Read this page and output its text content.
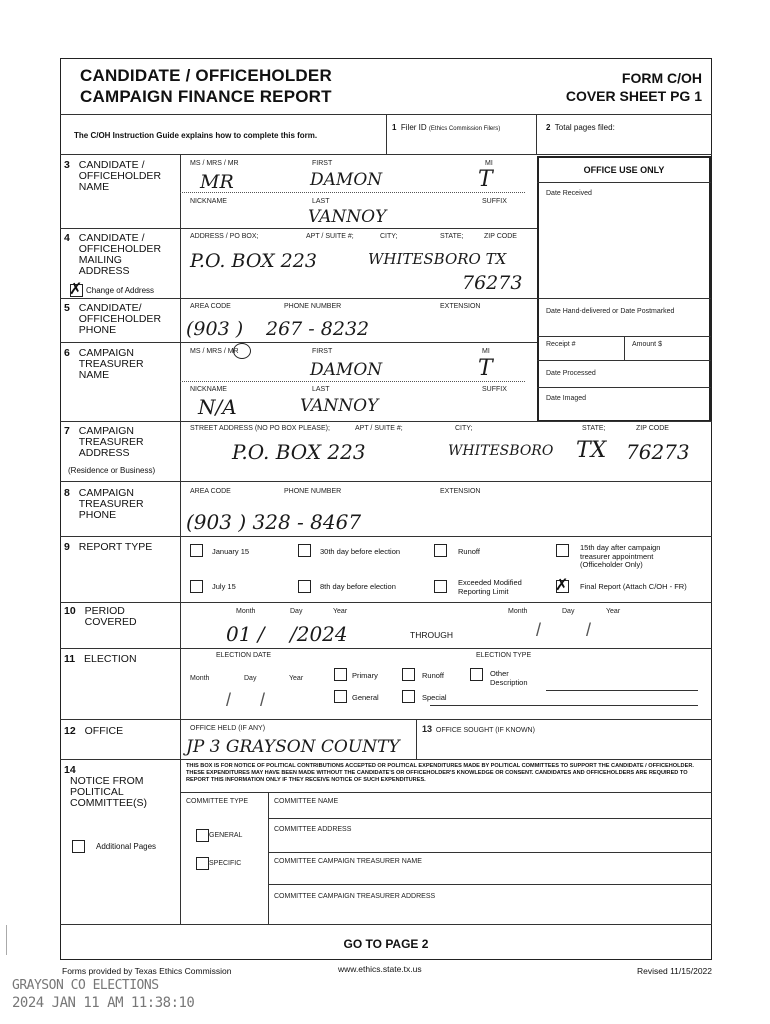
CANDIDATE / OFFICEHOLDER
CAMPAIGN FINANCE REPORT
FORM C/OH
COVER SHEET PG 1
The C/OH Instruction Guide explains how to complete this form.
1 Filer ID (Ethics Commission Filers)	2 Total pages filed:
OFFICE USE ONLY
Date Received
Date Hand-delivered or Date Postmarked
Receipt #	Amount $
Date Processed
Date Imaged
3 CANDIDATE / OFFICEHOLDER NAME
MS / MRS / MR	FIRST	MI
MR	DAMON	T
NICKNAME	LAST	SUFFIX
VANNOY
4 CANDIDATE / OFFICEHOLDER MAILING ADDRESS
ADDRESS / PO BOX;	APT / SUITE #;	CITY;	STATE;	ZIP CODE
P.O. BOX 223	WHITESBORO TX
76273
✗ Change of Address
5 CANDIDATE/ OFFICEHOLDER PHONE
AREA CODE	PHONE NUMBER	EXTENSION
(903 ) 267 - 8232
6 CAMPAIGN TREASURER NAME
MS / MRS / MR	FIRST	MI
DAMON	T
NICKNAME	LAST	SUFFIX
N/A	VANNOY
7 CAMPAIGN TREASURER ADDRESS
(Residence or Business)
STREET ADDRESS (NO PO BOX PLEASE);	APT / SUITE #;	CITY;	STATE;	ZIP CODE
P.O. BOX 223	WHITESBORO TX 76273
8 CAMPAIGN TREASURER PHONE
AREA CODE	PHONE NUMBER	EXTENSION
(903 ) 328 - 8467
9 REPORT TYPE	January 15	30th day before election	Runoff	15th day after campaign treasurer appointment (Officeholder Only)
July 15	8th day before election	Exceeded Modified Reporting Limit	✗ Final Report (Attach C/OH - FR)
10 PERIOD COVERED
Month	Day	Year	Month	Day	Year
01 /    /2024	THROUGH	/ /
11 ELECTION	ELECTION DATE	ELECTION TYPE
Month	Day	Year
/ /
Primary	Runoff	Other Description
General	Special
12 OFFICE	OFFICE HELD (IF ANY)
JP 3 GRAYSON COUNTY
13 OFFICE SOUGHT (IF KNOWN)
14 NOTICE FROM POLITICAL COMMITTEE(S)
Additional Pages
THIS BOX IS FOR NOTICE OF POLITICAL CONTRIBUTIONS ACCEPTED OR POLITICAL EXPENDITURES MADE BY POLITICAL COMMITTEES TO SUPPORT THE CANDIDATE / OFFICEHOLDER. THESE EXPENDITURES MAY HAVE BEEN MADE WITHOUT THE CANDIDATE'S OR OFFICEHOLDER'S KNOWLEDGE OR CONSENT. CANDIDATES AND OFFICEHOLDERS ARE REQUIRED TO REPORT THIS INFORMATION ONLY IF THEY RECEIVE NOTICE OF SUCH EXPENDITURES.
COMMITTEE TYPE	COMMITTEE NAME
COMMITTEE ADDRESS
GENERAL
COMMITTEE CAMPAIGN TREASURER NAME
SPECIFIC
COMMITTEE CAMPAIGN TREASURER ADDRESS
GO TO PAGE 2
Forms provided by Texas Ethics Commission	www.ethics.state.tx.us	Revised 11/15/2022
GRAYSON CO ELECTIONS
2024 JAN 11 AM 11:38:10
